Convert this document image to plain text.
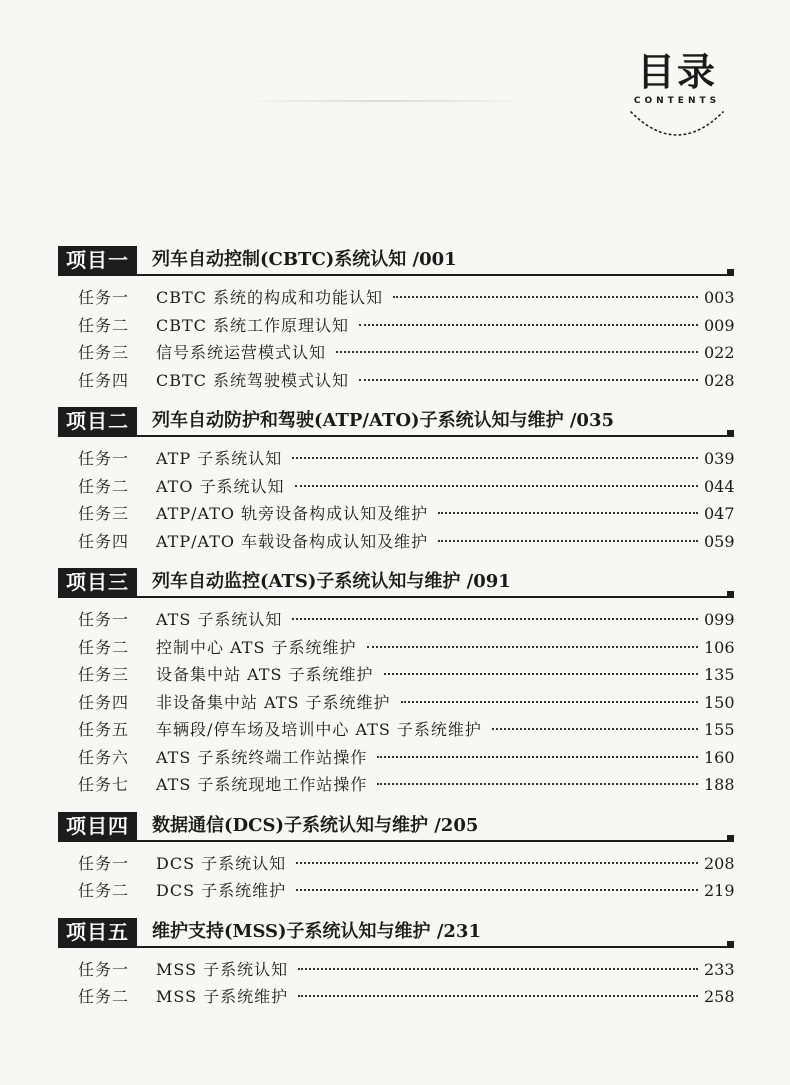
目录
CONTENTS
项目一	列车自动控制(CBTC)系统认知 /001
任务一	CBTC 系统的构成和功能认知	003
任务二	CBTC 系统工作原理认知	009
任务三	信号系统运营模式认知	022
任务四	CBTC 系统驾驶模式认知	028
项目二	列车自动防护和驾驶(ATP/ATO)子系统认知与维护 /035
任务一	ATP 子系统认知	039
任务二	ATO 子系统认知	044
任务三	ATP/ATO 轨旁设备构成认知及维护	047
任务四	ATP/ATO 车载设备构成认知及维护	059
项目三	列车自动监控(ATS)子系统认知与维护 /091
任务一	ATS 子系统认知	099
任务二	控制中心 ATS 子系统维护	106
任务三	设备集中站 ATS 子系统维护	135
任务四	非设备集中站 ATS 子系统维护	150
任务五	车辆段/停车场及培训中心 ATS 子系统维护	155
任务六	ATS 子系统终端工作站操作	160
任务七	ATS 子系统现地工作站操作	188
项目四	数据通信(DCS)子系统认知与维护 /205
任务一	DCS 子系统认知	208
任务二	DCS 子系统维护	219
项目五	维护支持(MSS)子系统认知与维护 /231
任务一	MSS 子系统认知	233
任务二	MSS 子系统维护	258
